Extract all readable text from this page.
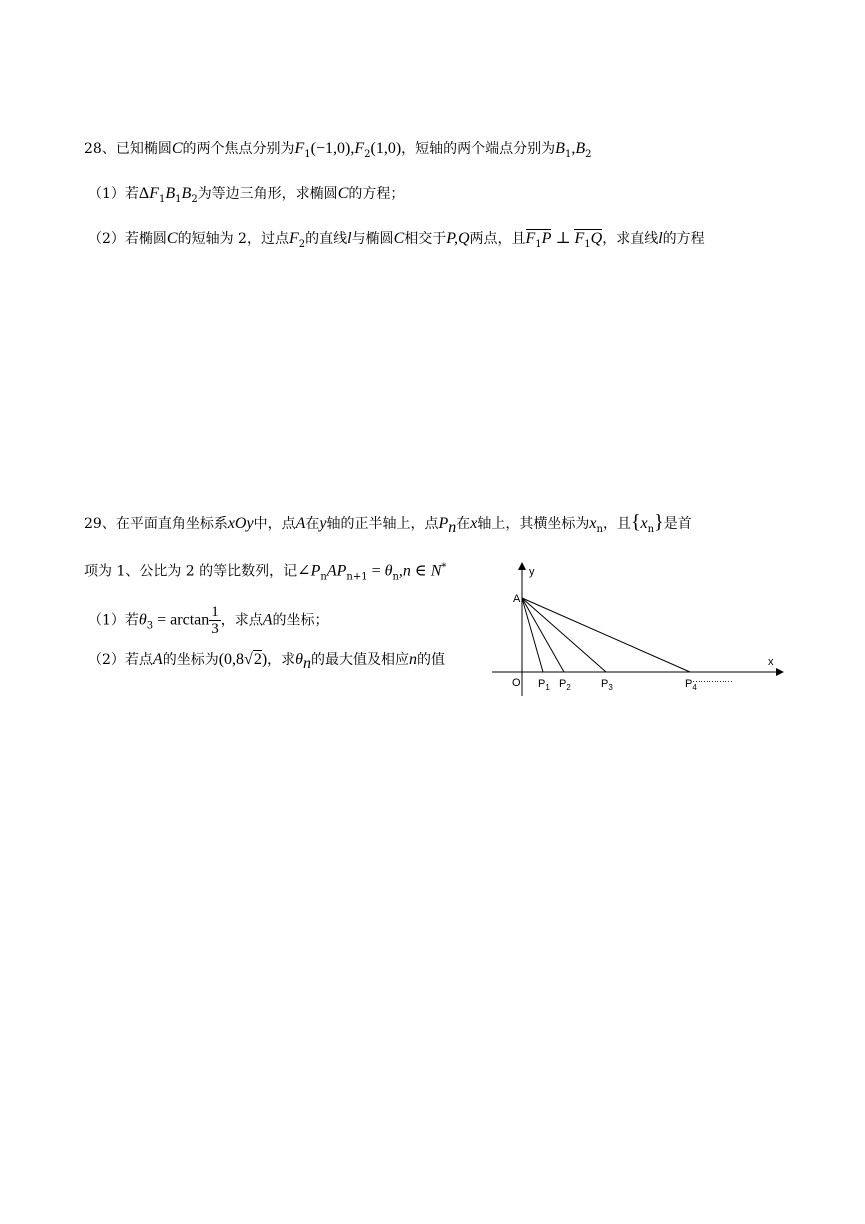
28、已知椭圆C的两个焦点分别为$F_1(-1,0),F_2(1,0)$，短轴的两个端点分别为$B_1,B_2$
（1）若$\Delta F_1B_1B_2$为等边三角形，求椭圆C的方程；
（2）若椭圆C的短轴为 2，过点$F_2$的直线l与椭圆C相交于P,Q两点，且$F_1P$ ⊥ $F_1Q$，求直线l的方程
29、在平面直角坐标系xOy中，点A在y轴的正半轴上，点$P_n$在x轴上，其横坐标为$x_n$，且$\{x_n\}$是首
项为 1、公比为 2 的等比数列，记$\angle P_nAP_{n+1} = \theta_n,n$ ∈ N*
（1）若$\theta_3 = \arctan \frac{1}{3}$ ，求点A的坐标；
（2）若点A的坐标为(0,8√2)，求$\theta_n$的最大值及相应n的值
y
x
A
O $P_1$ $P_2$	$P_3$	$P_4$
……………
